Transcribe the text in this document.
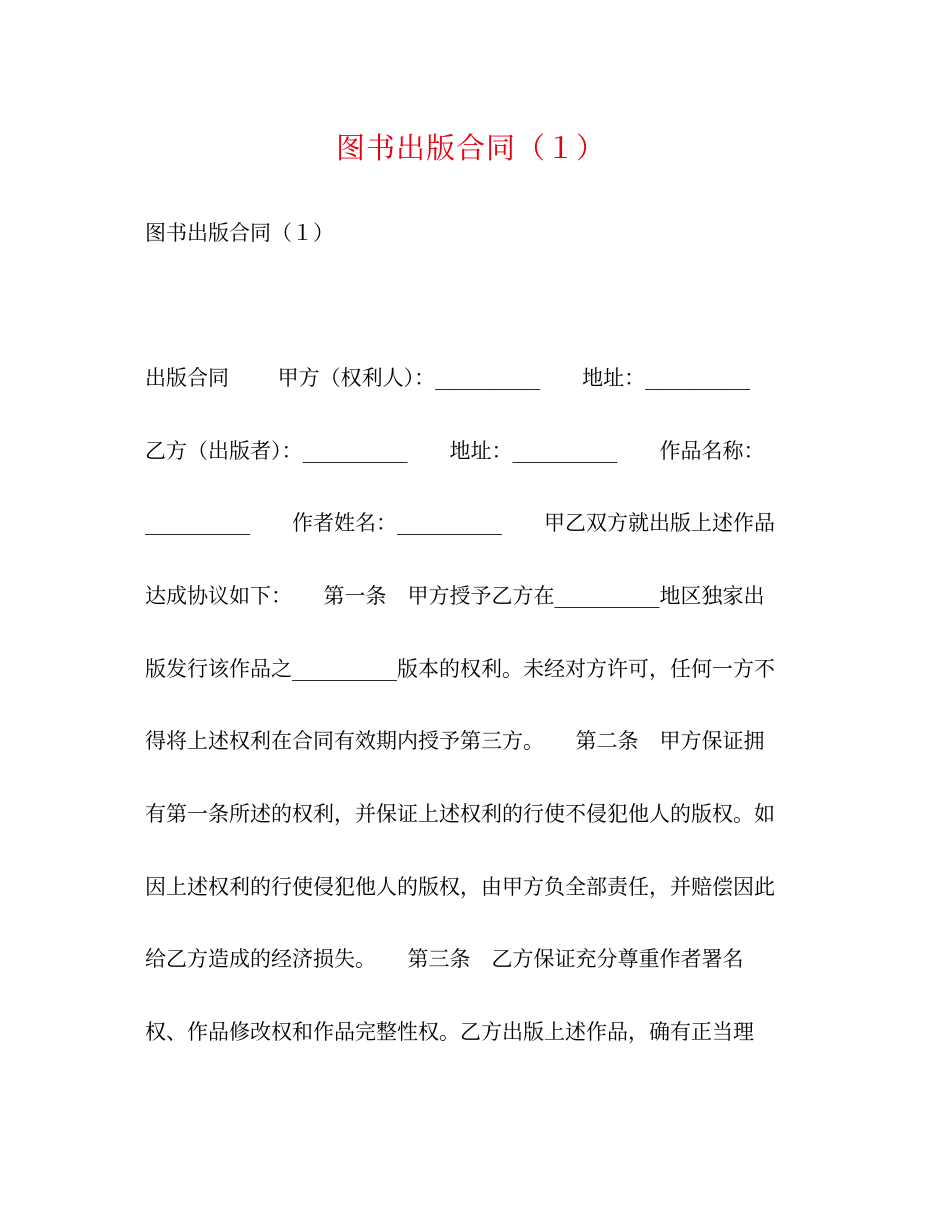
图书出版合同（１）
图书出版合同（１）
出版合同 　　甲方（权利人）：__________　　地址：__________
乙方（出版者）：__________　　地址：__________　　作品名称：
__________　　作者姓名：__________　　甲乙双方就出版上述作品
达成协议如下：　　第一条　甲方授予乙方在__________地区独家出
版发行该作品之__________版本的权利。未经对方许可，任何一方不
得将上述权利在合同有效期内授予第三方。　　第二条　甲方保证拥
有第一条所述的权利，并保证上述权利的行使不侵犯他人的版权。如
因上述权利的行使侵犯他人的版权，由甲方负全部责任，并赔偿因此
给乙方造成的经济损失。　　第三条　乙方保证充分尊重作者署名
权、作品修改权和作品完整性权。乙方出版上述作品，确有正当理
